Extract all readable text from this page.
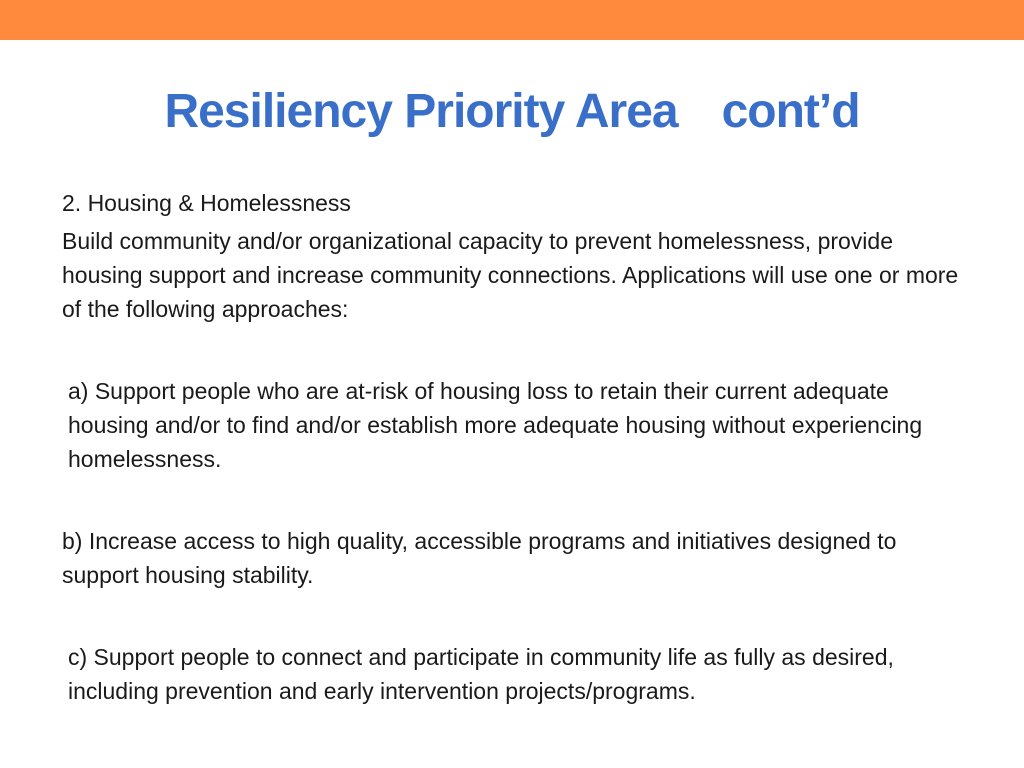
Resiliency Priority Area cont’d

2. Housing & Homelessness

Build community and/or organizational capacity to prevent homelessness, provide housing support and increase community connections. Applications will use one or more of the following approaches:

a) Support people who are at-risk of housing loss to retain their current adequate housing and/or to find and/or establish more adequate housing without experiencing homelessness.

b) Increase access to high quality, accessible programs and initiatives designed to support housing stability.

c) Support people to connect and participate in community life as fully as desired, including prevention and early intervention projects/programs.
